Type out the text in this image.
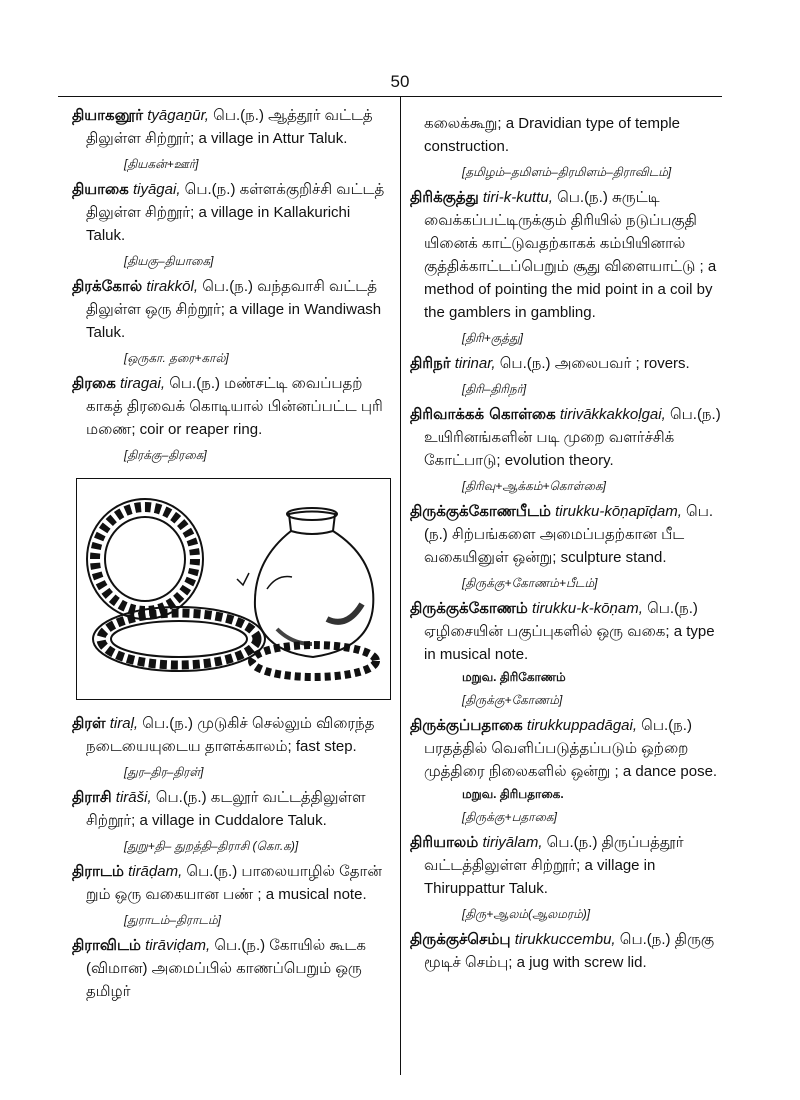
50

தியாகனூர் tyāgaṉūr, பெ.(ந.) ஆத்தூர் வட்டத் திலுள்ள சிற்றூர்; a village in Attur Taluk.

[தியகன்+ஊர்]

தியாகை tiyāgai, பெ.(ந.) கள்ளக்குறிச்சி வட்டத் திலுள்ள சிற்றூர்; a village in Kallakurichi Taluk.

[தியகு–தியாகை]

திரக்கோல் tirakkōl, பெ.(ந.) வந்தவாசி வட்டத் திலுள்ள ஒரு சிற்றூர்; a village in Wandiwash Taluk.

[ஒருகா. தரை+கால்]

திரகை tiragai, பெ.(ந.) மண்சட்டி வைப்பதற் காகத் திரவைக் கொடியால் பின்னப்பட்ட புரி மணை; coir or reaper ring.

[திரக்கு–திரகை]

திரள் tiraḷ, பெ.(ந.) முடுகிச் செல்லும் விரைந்த நடையையுடைய தாளக்காலம்; fast step.

[துர–திர–திரள்]

திராசி tirāši, பெ.(ந.) கடலூர் வட்டத்திலுள்ள சிற்றூர்; a village in Cuddalore Taluk.

[துறு+தி– துறத்தி–திராசி (கொ.க)]

திராடம் tirāḍam, பெ.(ந.) பாலையாழில் தோன் றும் ஒரு வகையான பண் ; a musical note.

[துராடம்–திராடம்]

திராவிடம் tirāviḍam, பெ.(ந.) கோயில் கூடக (விமான) அமைப்பில் காணப்பெறும் ஒரு தமிழர்

கலைக்கூறு; a Dravidian type of temple construction.

[தமிழம்–தமிளம்–திரமிளம்–திராவிடம்]

திரிக்குத்து tiri-k-kuttu, பெ.(ந.) சுருட்டி வைக்கப்பட்டிருக்கும் திரியில் நடுப்பகுதி யினைக் காட்டுவதற்காகக் கம்பியினால் குத்திக்காட்டப்பெறும் சூது விளையாட்டு ; a method of pointing the mid point in a coil by the gamblers in gambling.

[திரி+குத்து]

திரிநர் tirinar, பெ.(ந.) அலைபவர் ; rovers.

[திரி–திரிநர்]

திரிவாக்கக் கொள்கை tirivākkakkoḷgai, பெ.(ந.) உயிரினங்களின் படி முறை வளர்ச்சிக் கோட்பாடு; evolution theory.

[திரிவு+ஆக்கம்+கொள்கை]

திருக்குக்கோணபீடம் tirukku-kōṇapīḍam, பெ.(ந.) சிற்பங்களை அமைப்பதற்கான பீட வகையினுள் ஒன்று; sculpture stand.

[திருக்கு+கோணம்+பீடம்]

திருக்குக்கோணம் tirukku-k-kōṇam, பெ.(ந.) ஏழிசையின் பகுப்புகளில் ஒரு வகை; a type in musical note.

மறுவ. திரிகோணம்

[திருக்கு+கோணம்]

திருக்குப்பதாகை tirukkuppadāgai, பெ.(ந.) பரதத்தில் வெளிப்படுத்தப்படும் ஒற்றை முத்திரை நிலைகளில் ஒன்று ; a dance pose.

மறுவ. திரிபதாகை.

[திருக்கு+பதாகை]

திரியாலம் tiriyālam, பெ.(ந.) திருப்பத்தூர் வட்டத்திலுள்ள சிற்றூர்; a village in Thiruppattur Taluk.

[திரு+ஆலம்(ஆலமரம்)]

திருக்குச்செம்பு tirukkuccembu, பெ.(ந.) திருகு மூடிச் செம்பு; a jug with screw lid.
